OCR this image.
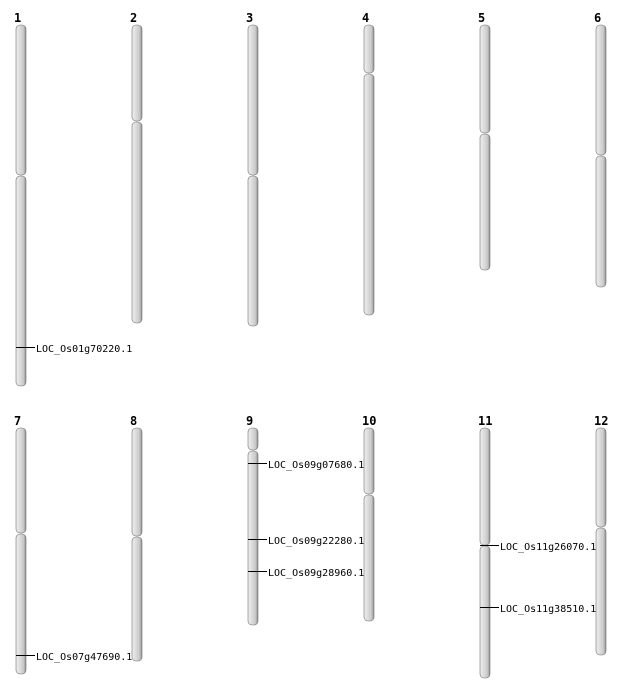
1
LOC_Os01g70220.1
2	3	4	5	6
7
LOC_Os07g47690.1
8	9
LOC_Os09g07680.1
LOC_Os09g22280.1
LOC_Os09g28960.1
10	11
LOC_Os11g26070.1
LOC_Os11g38510.1
12
